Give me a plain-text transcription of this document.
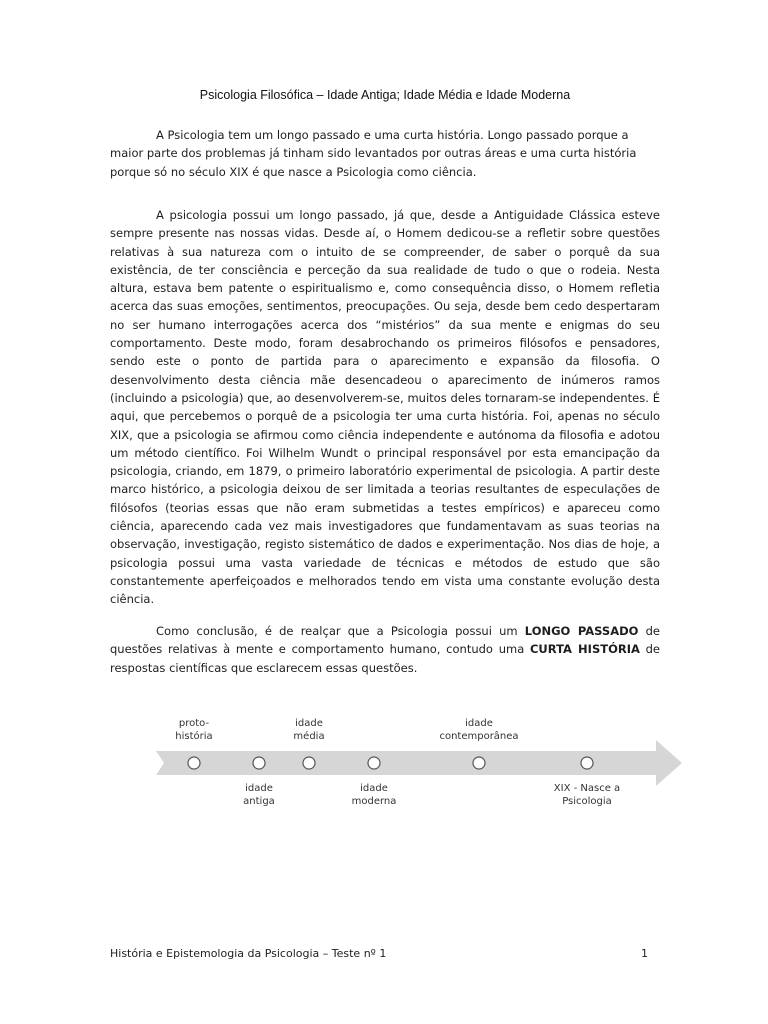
Psicologia Filosófica – Idade Antiga; Idade Média e Idade Moderna

A Psicologia tem um longo passado e uma curta história. Longo passado porque a maior parte dos problemas já tinham sido levantados por outras áreas e uma curta história porque só no século XIX é que nasce a Psicologia como ciência.

A psicologia possui um longo passado, já que, desde a Antiguidade Clássica esteve sempre presente nas nossas vidas. Desde aí, o Homem dedicou-se a refletir sobre questões relativas à sua natureza com o intuito de se compreender, de saber o porquê da sua existência, de ter consciência e perceção da sua realidade de tudo o que o rodeia. Nesta altura, estava bem patente o espiritualismo e, como consequência disso, o Homem refletia acerca das suas emoções, sentimentos, preocupações. Ou seja, desde bem cedo despertaram no ser humano interrogações acerca dos “mistérios” da sua mente e enigmas do seu comportamento. Deste modo, foram desabrochando os primeiros filósofos e pensadores, sendo este o ponto de partida para o aparecimento e expansão da filosofia. O desenvolvimento desta ciência mãe desencadeou o aparecimento de inúmeros ramos (incluindo a psicologia) que, ao desenvolverem-se, muitos deles tornaram-se independentes. É aqui, que percebemos o porquê de a psicologia ter uma curta história. Foi, apenas no século XIX, que a psicologia se afirmou como ciência independente e autónoma da filosofia e adotou um método científico. Foi Wilhelm Wundt o principal responsável por esta emancipação da psicologia, criando, em 1879, o primeiro laboratório experimental de psicologia. A partir deste marco histórico, a psicologia deixou de ser limitada a teorias resultantes de especulações de filósofos (teorias essas que não eram submetidas a testes empíricos) e apareceu como ciência, aparecendo cada vez mais investigadores que fundamentavam as suas teorias na observação, investigação, registo sistemático de dados e experimentação. Nos dias de hoje, a psicologia possui uma vasta variedade de técnicas e métodos de estudo que são constantemente aperfeiçoados e melhorados tendo em vista uma constante evolução desta ciência.

Como conclusão, é de realçar que a Psicologia possui um LONGO PASSADO de questões relativas à mente e comportamento humano, contudo uma CURTA HISTÓRIA de respostas científicas que esclarecem essas questões.

proto-
história
idade
média
idade
contemporânea
idade
antiga
idade
moderna
XIX - Nasce a
Psicologia
História e Epistemologia da Psicologia – Teste nº 1	1
